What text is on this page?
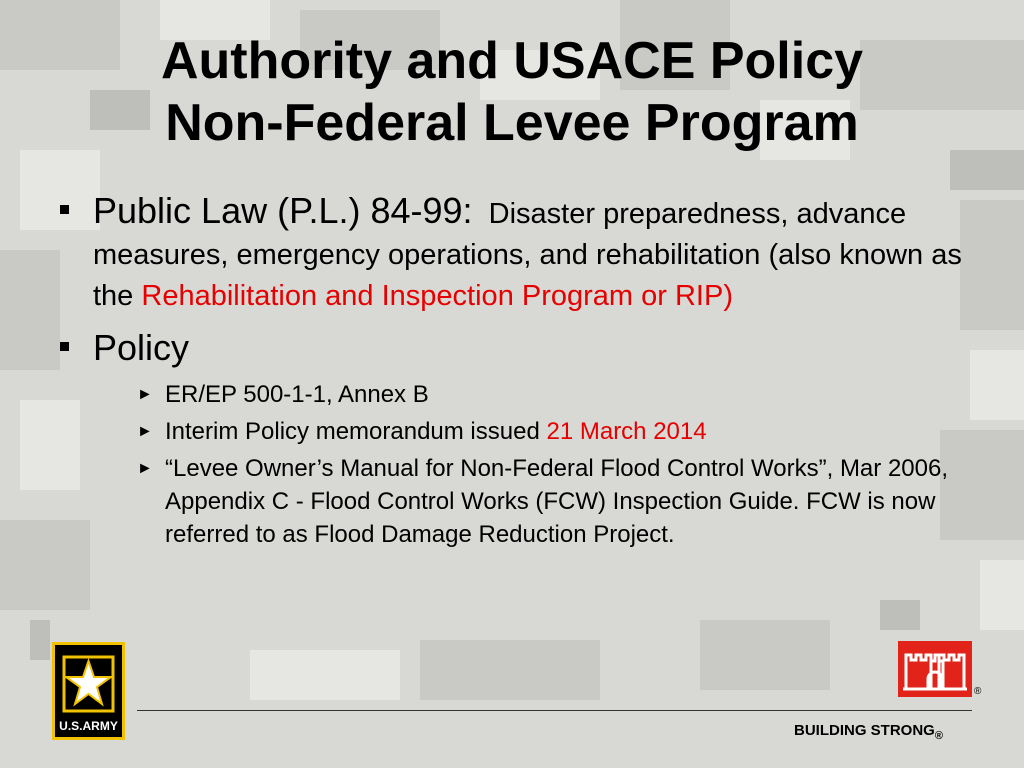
Authority and USACE Policy
Non-Federal Levee Program
Public Law (P.L.) 84-99: Disaster preparedness, advance measures, emergency operations, and rehabilitation (also known as the Rehabilitation and Inspection Program or RIP)
Policy
► ER/EP 500-1-1, Annex B
► Interim Policy memorandum issued 21 March 2014
► “Levee Owner’s Manual for Non-Federal Flood Control Works”, Mar 2006, Appendix C - Flood Control Works (FCW) Inspection Guide. FCW is now referred to as Flood Damage Reduction Project.
U.S.ARMY
®
BUILDING $STRONG_®$
